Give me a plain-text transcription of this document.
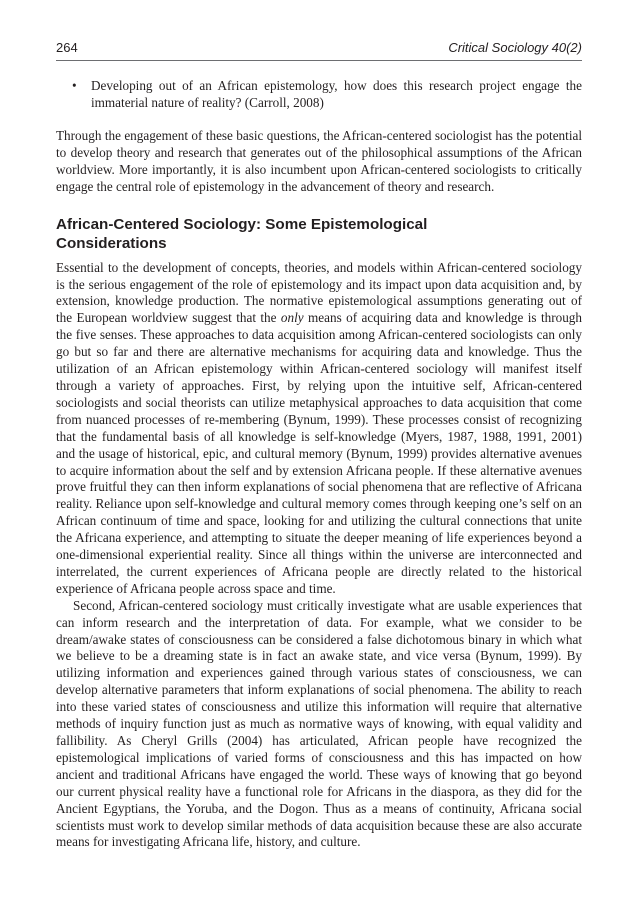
264	Critical Sociology 40(2)
• Developing out of an African epistemology, how does this research project engage the immaterial nature of reality? (Carroll, 2008)

Through the engagement of these basic questions, the African-centered sociologist has the potential to develop theory and research that generates out of the philosophical assumptions of the African worldview. More importantly, it is also incumbent upon African-centered sociologists to critically engage the central role of epistemology in the advancement of theory and research.

African-Centered Sociology: Some Epistemological Considerations

Essential to the development of concepts, theories, and models within African-centered sociology is the serious engagement of the role of epistemology and its impact upon data acquisition and, by extension, knowledge production. The normative epistemological assumptions generating out of the European worldview suggest that the only means of acquiring data and knowledge is through the five senses. These approaches to data acquisition among African-centered sociologists can only go but so far and there are alternative mechanisms for acquiring data and knowledge. Thus the utilization of an African epistemology within African-centered sociology will manifest itself through a variety of approaches. First, by relying upon the intuitive self, African-centered sociologists and social theorists can utilize metaphysical approaches to data acquisition that come from nuanced processes of re-membering (Bynum, 1999). These processes consist of recognizing that the fundamental basis of all knowledge is self-knowledge (Myers, 1987, 1988, 1991, 2001) and the usage of historical, epic, and cultural memory (Bynum, 1999) provides alternative avenues to acquire information about the self and by extension Africana people. If these alternative avenues prove fruitful they can then inform explanations of social phenomena that are reflective of Africana reality. Reliance upon self-knowledge and cultural memory comes through keeping one’s self on an African continuum of time and space, looking for and utilizing the cultural connections that unite the Africana experience, and attempting to situate the deeper meaning of life experiences beyond a one-dimensional experiential reality. Since all things within the universe are interconnected and interrelated, the current experiences of Africana people are directly related to the historical experience of Africana people across space and time.

Second, African-centered sociology must critically investigate what are usable experiences that can inform research and the interpretation of data. For example, what we consider to be dream/awake states of consciousness can be considered a false dichotomous binary in which what we believe to be a dreaming state is in fact an awake state, and vice versa (Bynum, 1999). By utilizing information and experiences gained through various states of consciousness, we can develop alternative parameters that inform explanations of social phenomena. The ability to reach into these varied states of consciousness and utilize this information will require that alternative methods of inquiry function just as much as normative ways of knowing, with equal validity and fallibility. As Cheryl Grills (2004) has articulated, African people have recognized the epistemological implications of varied forms of consciousness and this has impacted on how ancient and traditional Africans have engaged the world. These ways of knowing that go beyond our current physical reality have a functional role for Africans in the diaspora, as they did for the Ancient Egyptians, the Yoruba, and the Dogon. Thus as a means of continuity, Africana social scientists must work to develop similar methods of data acquisition because these are also accurate means for investigating Africana life, history, and culture.
